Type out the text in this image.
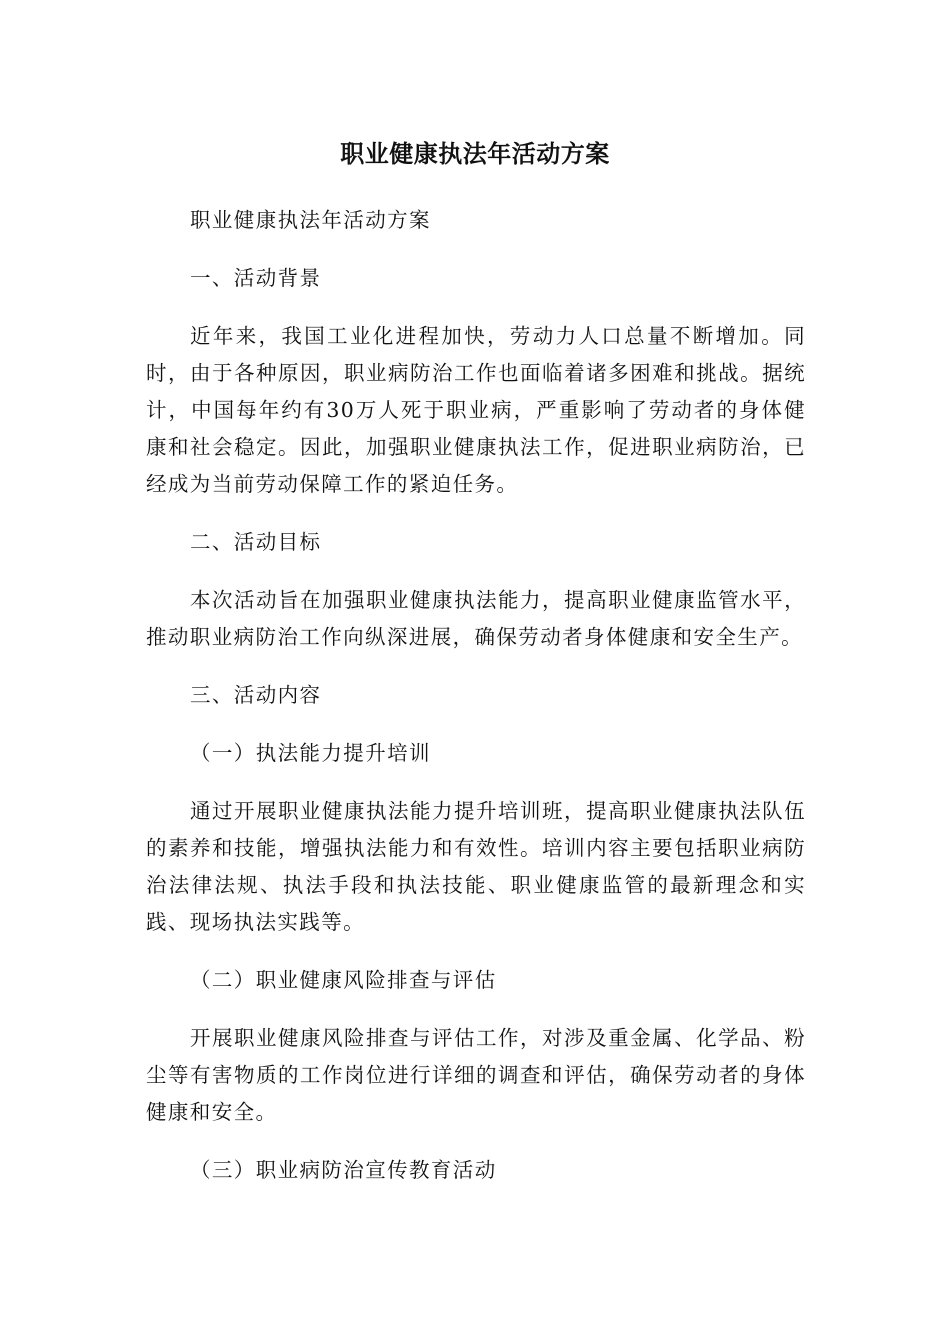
职业健康执法年活动方案

职业健康执法年活动方案

一、活动背景

近年来，我国工业化进程加快，劳动力人口总量不断增加。同时，由于各种原因，职业病防治工作也面临着诸多困难和挑战。据统计，中国每年约有30万人死于职业病，严重影响了劳动者的身体健康和社会稳定。因此，加强职业健康执法工作，促进职业病防治，已经成为当前劳动保障工作的紧迫任务。

二、活动目标

本次活动旨在加强职业健康执法能力，提高职业健康监管水平，推动职业病防治工作向纵深进展，确保劳动者身体健康和安全生产。

三、活动内容

（一）执法能力提升培训

通过开展职业健康执法能力提升培训班，提高职业健康执法队伍的素养和技能，增强执法能力和有效性。培训内容主要包括职业病防治法律法规、执法手段和执法技能、职业健康监管的最新理念和实践、现场执法实践等。

（二）职业健康风险排查与评估

开展职业健康风险排查与评估工作，对涉及重金属、化学品、粉尘等有害物质的工作岗位进行详细的调查和评估，确保劳动者的身体健康和安全。

（三）职业病防治宣传教育活动
